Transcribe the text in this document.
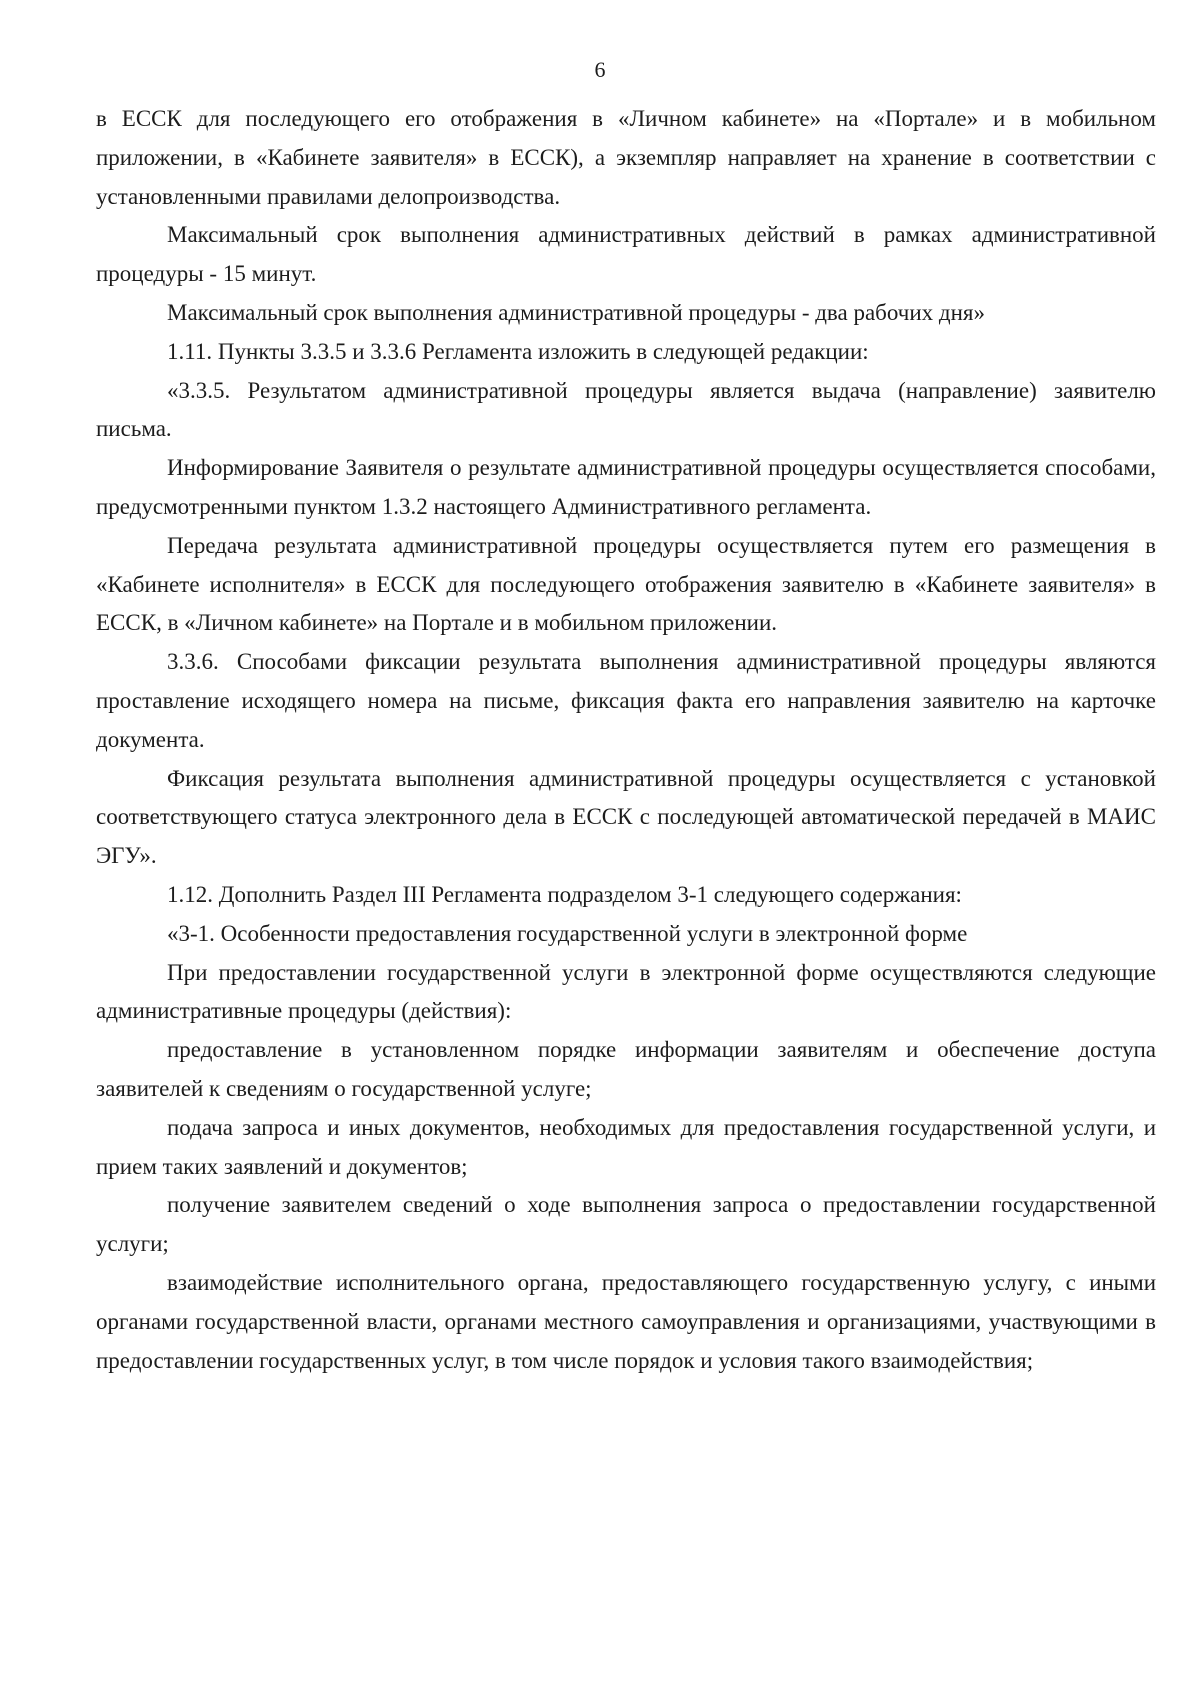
6

в ЕССК для последующего его отображения в «Личном кабинете» на «Портале» и в мобильном приложении, в «Кабинете заявителя» в ЕССК), а экземпляр направляет на хранение в соответствии с установленными правилами делопроизводства.

Максимальный срок выполнения административных действий в рамках административной процедуры - 15 минут.

Максимальный срок выполнения административной процедуры - два рабочих дня»

1.11. Пункты 3.3.5 и 3.3.6 Регламента изложить в следующей редакции:

«3.3.5. Результатом административной процедуры является выдача (направление) заявителю письма.

Информирование Заявителя о результате административной процедуры осуществляется способами, предусмотренными пунктом 1.3.2 настоящего Административного регламента.

Передача результата административной процедуры осуществляется путем его размещения в «Кабинете исполнителя» в ЕССК для последующего отображения заявителю в «Кабинете заявителя» в ЕССК, в «Личном кабинете» на Портале и в мобильном приложении.

3.3.6. Способами фиксации результата выполнения административной процедуры являются проставление исходящего номера на письме, фиксация факта его направления заявителю на карточке документа.

Фиксация результата выполнения административной процедуры осуществляется с установкой соответствующего статуса электронного дела в ЕССК с последующей автоматической передачей в МАИС ЭГУ».

1.12. Дополнить Раздел III Регламента подразделом 3-1 следующего содержания:

«3-1. Особенности предоставления государственной услуги в электронной форме

При предоставлении государственной услуги в электронной форме осуществляются следующие административные процедуры (действия):

предоставление в установленном порядке информации заявителям и обеспечение доступа заявителей к сведениям о государственной услуге;

подача запроса и иных документов, необходимых для предоставления государственной услуги, и прием таких заявлений и документов;

получение заявителем сведений о ходе выполнения запроса о предоставлении государственной услуги;

взаимодействие исполнительного органа, предоставляющего государственную услугу, с иными органами государственной власти, органами местного самоуправления и организациями, участвующими в предоставлении государственных услуг, в том числе порядок и условия такого взаимодействия;
